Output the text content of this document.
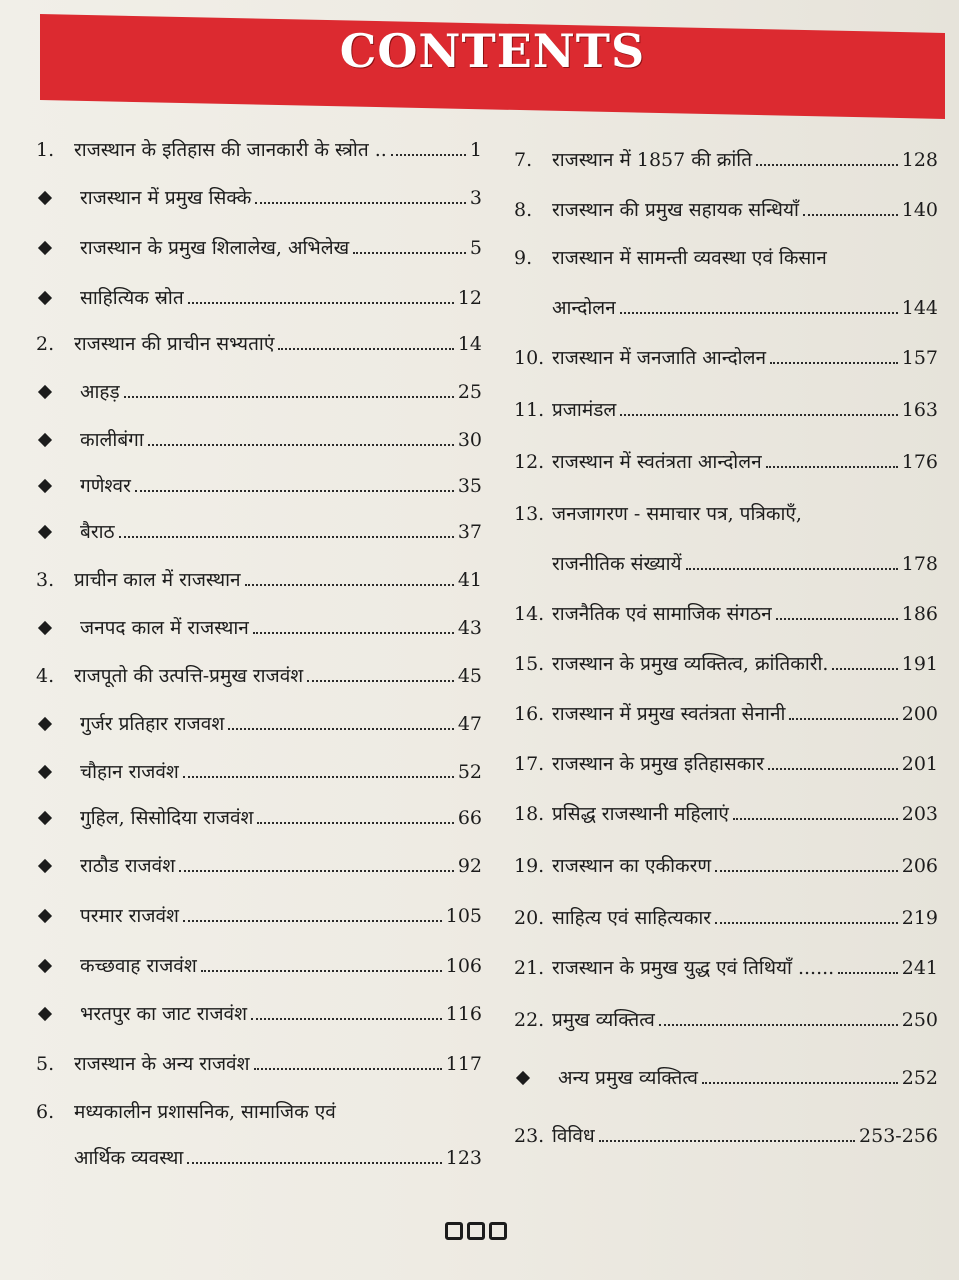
CONTENTS
1.	राजस्थान के इतिहास की जानकारी के स्त्रोत ..	1
राजस्थान में प्रमुख सिक्के	3
राजस्थान के प्रमुख शिलालेख, अभिलेख	5
साहित्यिक स्रोत	12
2.	राजस्थान की प्राचीन सभ्यताएं	14
आहड़	25
कालीबंगा	30
गणेश्वर	35
बैराठ	37
3.	प्राचीन काल में राजस्थान	41
जनपद काल में राजस्थान	43
4.	राजपूतो की उत्पत्ति-प्रमुख राजवंश	45
गुर्जर प्रतिहार राजवश	47
चौहान राजवंश	52
गुहिल, सिसोदिया राजवंश	66
राठौड राजवंश	92
परमार राजवंश	105
कच्छवाह राजवंश	106
भरतपुर का जाट राजवंश	116
5.	राजस्थान के अन्य राजवंश	117
6.	मध्यकालीन प्रशासनिक, सामाजिक एवं
आर्थिक व्यवस्था	123
7.	राजस्थान में 1857 की क्रांति	128
8.	राजस्थान की प्रमुख सहायक सन्धियाँ	140
9.	राजस्थान में सामन्ती व्यवस्था एवं किसान
आन्दोलन	144
10. राजस्थान में जनजाति आन्दोलन	157
11. प्रजामंडल	163
12. राजस्थान में स्वतंत्रता आन्दोलन	176
13. जनजागरण - समाचार पत्र, पत्रिकाएँ,
राजनीतिक संख्यायें	178
14. राजनैतिक एवं सामाजिक संगठन	186
15. राजस्थान के प्रमुख व्यक्तित्व, क्रांतिकारी.	191
16. राजस्थान में प्रमुख स्वतंत्रता सेनानी	200
17. राजस्थान के प्रमुख इतिहासकार	201
18. प्रसिद्ध राजस्थानी महिलाएं	203
19. राजस्थान का एकीकरण	206
20. साहित्य एवं साहित्यकार	219
21. राजस्थान के प्रमुख युद्ध एवं तिथियाँ ......	241
22. प्रमुख व्यक्तित्व	250
अन्य प्रमुख व्यक्तित्व	252
23. विविध	253-256
